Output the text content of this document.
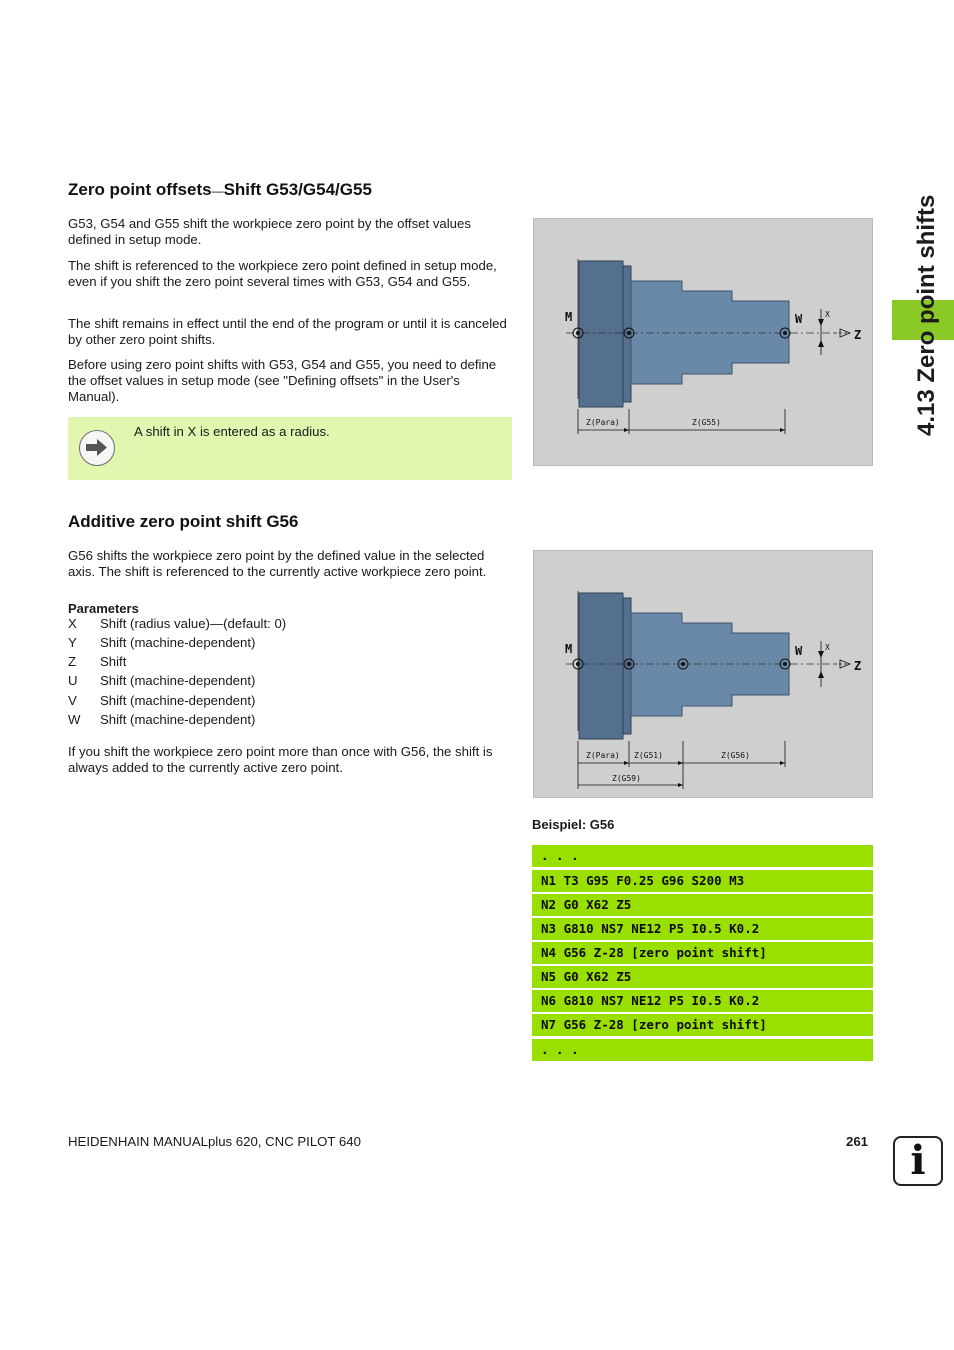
Zero point offsets—Shift G53/G54/G55

G53, G54 and G55 shift the workpiece zero point by the offset values defined in setup mode.

The shift is referenced to the workpiece zero point defined in setup mode, even if you shift the zero point several times with G53, G54 and G55.

The shift remains in effect until the end of the program or until it is canceled by other zero point shifts.

Before using zero point shifts with G53, G54 and G55, you need to define the offset values in setup mode (see "Defining offsets" in the User's Manual).

A shift in X is entered as a radius.
M	W	X
Z
Z(Para)	Z(G55)
Additive zero point shift G56

G56 shifts the workpiece zero point by the defined value in the selected axis. The shift is referenced to the currently active workpiece zero point.

Parameters
X	Shift (radius value)—(default: 0)
Y	Shift (machine-dependent)
Z	Shift
U	Shift (machine-dependent)
V	Shift (machine-dependent)
W	Shift (machine-dependent)

If you shift the workpiece zero point more than once with G56, the shift is always added to the currently active zero point.

M	W	X
Z
Z(Para) Z(G51)	Z(G56)
Z(G59)
Beispiel: G56
. . .
N1 T3 G95 F0.25 G96 S200 M3
N2 G0 X62 Z5
N3 G810 NS7 NE12 P5 I0.5 K0.2
N4 G56 Z-28 [zero point shift]
N5 G0 X62 Z5
N6 G810 NS7 NE12 P5 I0.5 K0.2
N7 G56 Z-28 [zero point shift]
. . .
4.13 Zero point shifts
HEIDENHAIN MANUALplus 620, CNC PILOT 640	261	i
